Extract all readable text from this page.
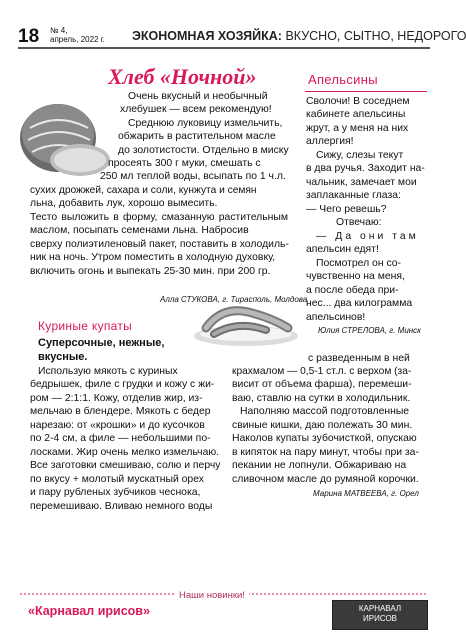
18 № 4,
апрель, 2022 г. ЭКОНОМНАЯ ХОЗЯЙКА: ВКУСНО, СЫТНО, НЕДОРОГО
Хлеб «Ночной»
Очень вкусный и необычный
хлебушек — всем рекомендую!
Среднюю луковицу измельчить,
обжарить в растительном масле
до золотистости. Отдельно в миску
просеять 300 г муки, смешать с
250 мл теплой воды, всыпать по 1 ч.л.
сухих дрожжей, сахара и соли, кунжута и семян
льна, добавить лук, хорошо вымесить.
Тесто выложить в форму, смазанную растительным маслом, посыпать семенами льна. Набросив
сверху полиэтиленовый пакет, поставить в холодиль-
ник на ночь. Утром поместить в холодную духовку,
включить огонь и выпекать 25-30 мин. при 200 гр.
Алла СТУКОВА, г. Тирасполь, Молдова
Апельсины
Сволочи! В соседнем
кабинете апельсины
жрут, а у меня на них
аллергия!
Сижу, слезы текут
в два ручья. Заходит на-
чальник, замечает мои
заплаканные глаза:
— Чего ревешь?
Отвечаю:
— Да они там
апельсин едят!
Посмотрел он со-
чувственно на меня,
а после обеда при-
нес... два килограмма
апельсинов!
Юлия СТРЕЛОВА, г. Минск
Куриные купаты
Суперсочные, нежные,
вкусные.
Использую мякоть с куриных
бедрышек, филе с грудки и кожу с жи-
ром — 2:1:1. Кожу, отделив жир, из-
мельчаю в блендере. Мякоть с бедер
нарезаю: от «крошки» и до кусочков
по 2-4 см, а филе — небольшими по-
лосками. Жир очень мелко измельчаю.
Все заготовки смешиваю, солю и перчу
по вкусу + молотый мускатный орех
и пару рубленых зубчиков чеснока,
перемешиваю. Вливаю немного воды
с разведенным в ней
крахмалом — 0,5-1 ст.л. с верхом (за-
висит от объема фарша), перемеши-
ваю, ставлю на сутки в холодильник.
Наполняю массой подготовленные
свиные кишки, даю полежать 30 мин.
Наколов купаты зубочисткой, опускаю
в кипяток на пару минут, чтобы при за-
пекании не лопнули. Обжариваю на
сливочном масле до румяной корочки.
Марина МАТВЕЕВА, г. Орел
Наши новинки!
«Карнавал ирисов»	КАРНАВАЛ
ИРИСОВ
